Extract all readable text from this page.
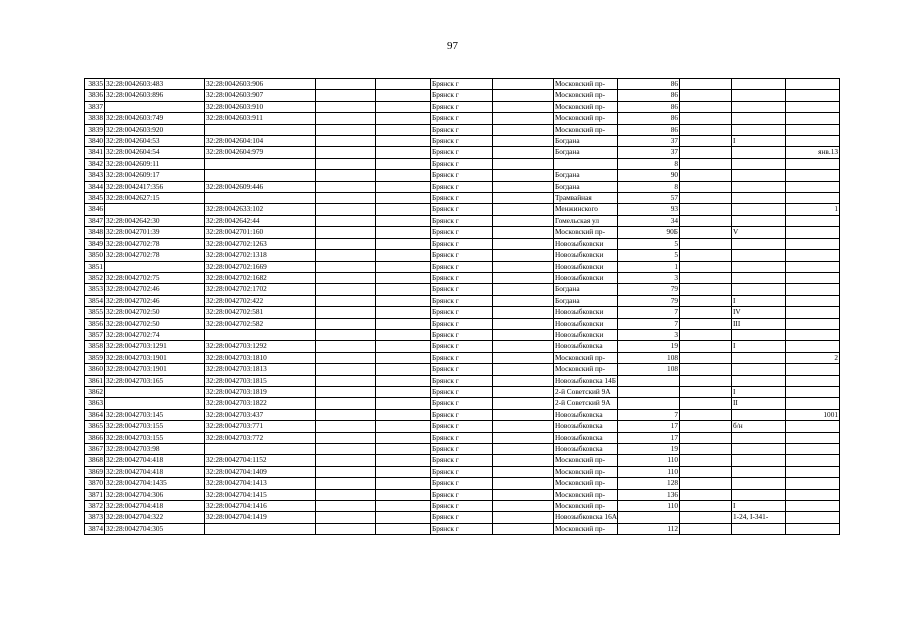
97
3835	32:28:0042603:483	32:28:0042603:906			Брянск г		Московский пр-	86			
3836	32:28:0042603:896	32:28:0042603:907			Брянск г		Московский пр-	86			
3837		32:28:0042603:910			Брянск г		Московский пр-	86			
3838	32:28:0042603:749	32:28:0042603:911			Брянск г		Московский пр-	86			
3839	32:28:0042603:920				Брянск г		Московский пр-	86			
3840	32:28:0042604:53	32:28:0042604:104			Брянск г		Богдана	37		I	
3841	32:28:0042604:54	32:28:0042604:979			Брянск г		Богдана	37			янв.13
3842	32:28:0042609:11				Брянск г			8			
3843	32:28:0042609:17				Брянск г		Богдана	90			
3844	32:28:0042417:356	32:28:0042609:446			Брянск г		Богдана	8			
3845	32:28:0042627:15				Брянск г		Трамвайная	57			
3846		32:28:0042633:102			Брянск г		Менжинского	93			1
3847	32:28:0042642:30	32:28:0042642:44			Брянск г		Гомельская ул	34			
3848	32:28:0042701:39	32:28:0042701:160			Брянск г		Московский пр-	90Б		V	
3849	32:28:0042702:78	32:28:0042702:1263			Брянск г		Новозыбковски	5			
3850	32:28:0042702:78	32:28:0042702:1318			Брянск г		Новозыбковски	5			
3851		32:28:0042702:1669			Брянск г		Новозыбковски	1			
3852	32:28:0042702:75	32:28:0042702:1682			Брянск г		Новозыбковски	3			
3853	32:28:0042702:46	32:28:0042702:1702			Брянск г		Богдана	79			
3854	32:28:0042702:46	32:28:0042702:422			Брянск г		Богдана	79		I	
3855	32:28:0042702:50	32:28:0042702:581			Брянск г		Новозыбковски	7		IV	
3856	32:28:0042702:50	32:28:0042702:582			Брянск г		Новозыбковски	7		III	
3857	32:28:0042702:74				Брянск г		Новозыбковски	3			
3858	32:28:0042703:1291	32:28:0042703:1292			Брянск г		Новозыбковска	19		I	
3859	32:28:0042703:1901	32:28:0042703:1810			Брянск г		Московский пр-	108			2
3860	32:28:0042703:1901	32:28:0042703:1813			Брянск г		Московский пр-	108			
3861	32:28:0042703:165	32:28:0042703:1815			Брянск г		Новозыбковска 14Б				
3862		32:28:0042703:1819			Брянск г		2-й Советский 9А			I	
3863		32:28:0042703:1822			Брянск г		2-й Советский 9А			II	
3864	32:28:0042703:145	32:28:0042703:437			Брянск г		Новозыбковска	7			1001
3865	32:28:0042703:155	32:28:0042703:771			Брянск г		Новозыбковска	17		б/н	
3866	32:28:0042703:155	32:28:0042703:772			Брянск г		Новозыбковска	17			
3867	32:28:0042703:98				Брянск г		Новозыбковска	19			
3868	32:28:0042704:418	32:28:0042704:1152			Брянск г		Московский пр-	110			
3869	32:28:0042704:418	32:28:0042704:1409			Брянск г		Московский пр-	110			
3870	32:28:0042704:1435	32:28:0042704:1413			Брянск г		Московский пр-	128			
3871	32:28:0042704:306	32:28:0042704:1415			Брянск г		Московский пр-	136			
3872	32:28:0042704:418	32:28:0042704:1416			Брянск г		Московский пр-	110		I	
3873	32:28:0042704:322	32:28:0042704:1419			Брянск г		Новозыбковска 16А			1-24, I-341-	
3874	32:28:0042704:305				Брянск г		Московский пр-	112			
